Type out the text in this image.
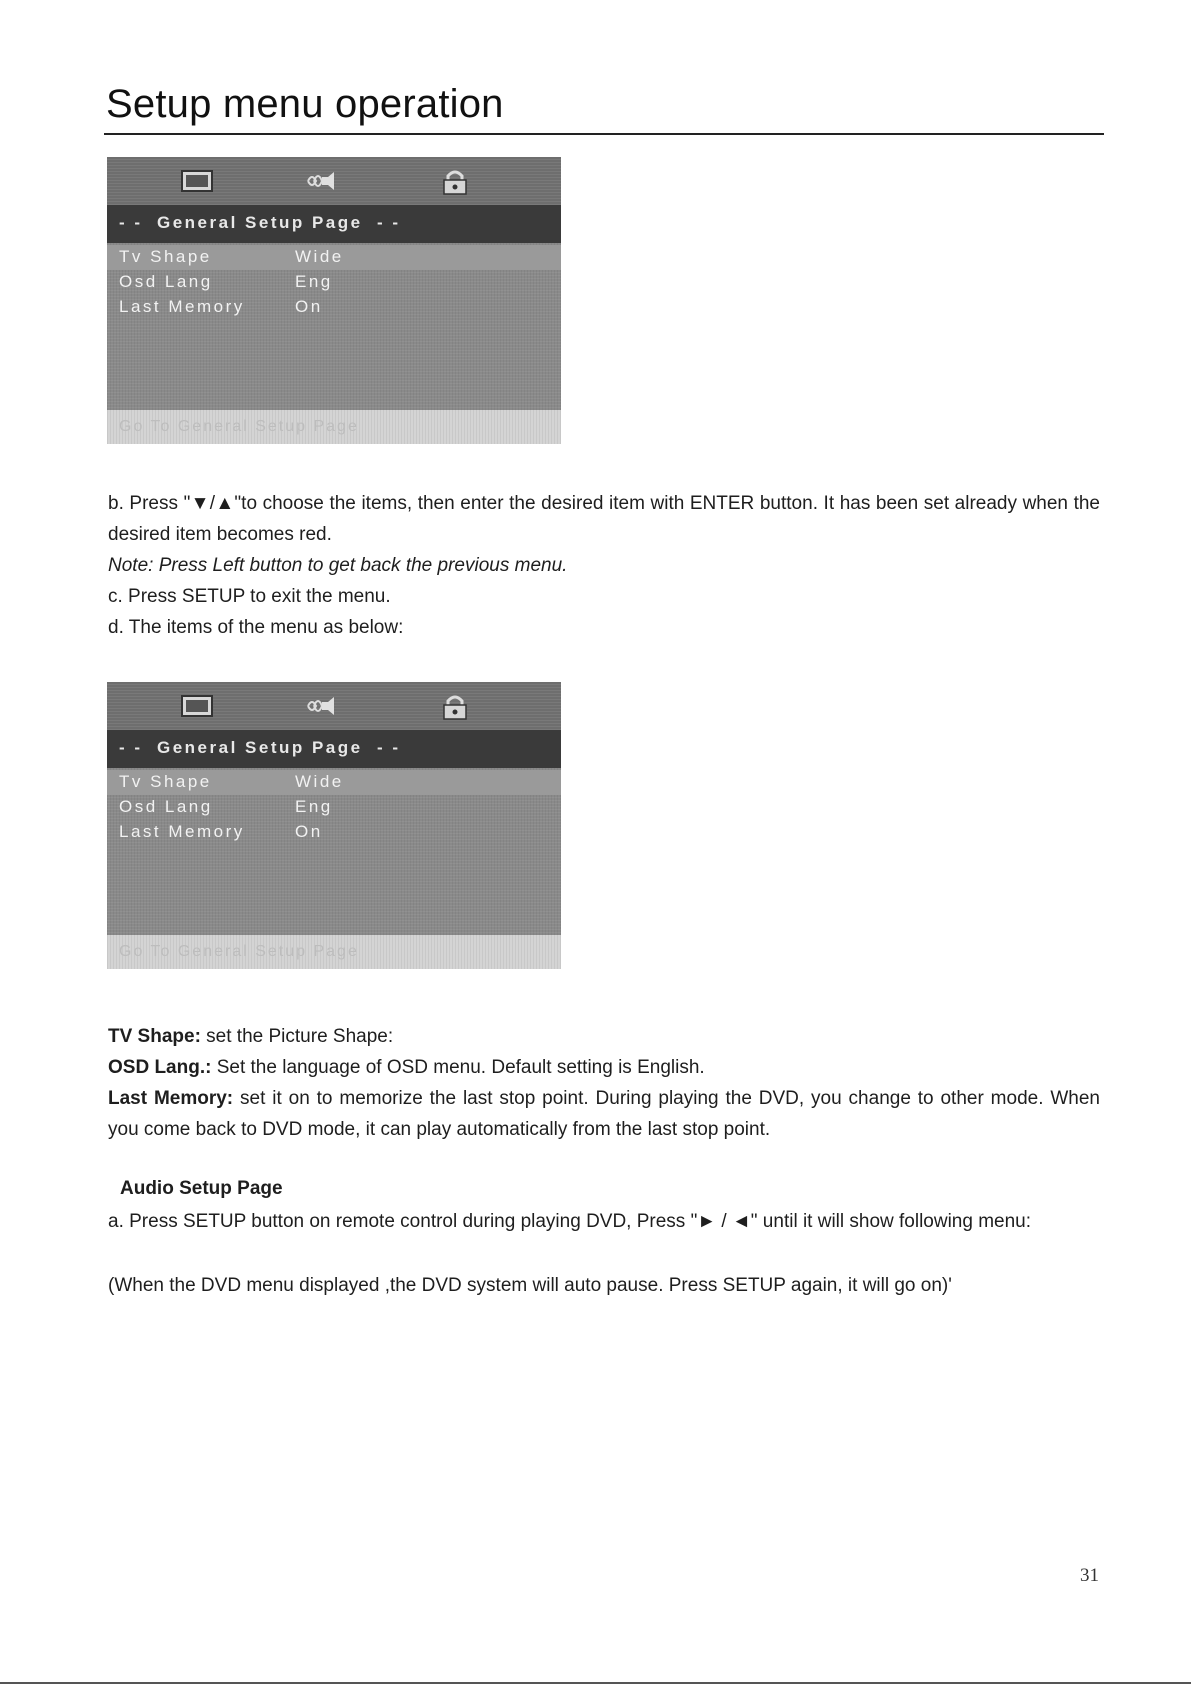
Setup menu operation
- -  General Setup Page  - -
Tv Shape	Wide
Osd Lang	Eng
Last Memory	On
Go To General Setup Page

b. Press "▼/▲"to choose the items, then enter the desired item with ENTER button. It has been set already when the desired item becomes red.

Note: Press Left button to get back the previous menu.

c. Press SETUP to exit the menu.

d. The items of the menu as below:

- -  General Setup Page  - -
Tv Shape	Wide
Osd Lang	Eng
Last Memory	On
Go To General Setup Page

TV Shape: set the Picture Shape:

OSD Lang.: Set the language of OSD menu. Default setting is English.

Last Memory: set it on to memorize the last stop point. During playing the DVD, you change to other mode. When you come back to DVD mode, it can play automatically from the last stop point.

Audio Setup Page

a. Press SETUP button on remote control during playing DVD, Press "► / ◄" until it will show following menu:

(When the DVD menu displayed ,the DVD system will auto pause. Press SETUP again, it will go on)'

31
